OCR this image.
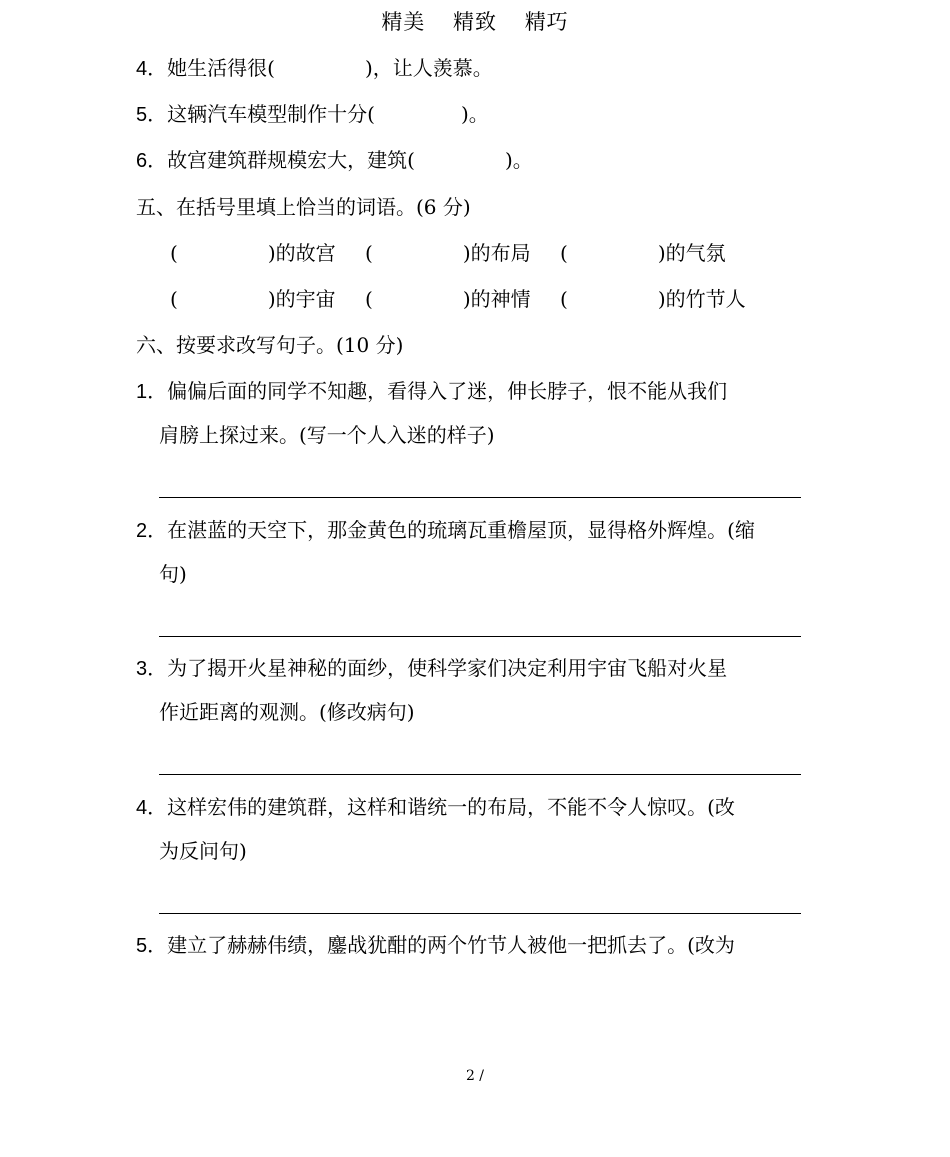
精美 精致 精巧
4．她生活得很(	)，让人羡慕。
5．这辆汽车模型制作十分(	)。
6．故宫建筑群规模宏大，建筑(	)。
五、在括号里填上恰当的词语。(6 分)
(	)的故宫 (	)的布局 (	)的气氛
(	)的宇宙 (	)的神情 (	)的竹节人
六、按要求改写句子。(10 分)
1．偏偏后面的同学不知趣，看得入了迷，伸长脖子，恨不能从我们
肩膀上探过来。(写一个人入迷的样子)
2．在湛蓝的天空下，那金黄色的琉璃瓦重檐屋顶，显得格外辉煌。(缩
句)
3．为了揭开火星神秘的面纱，使科学家们决定利用宇宙飞船对火星
作近距离的观测。(修改病句)
4．这样宏伟的建筑群，这样和谐统一的布局，不能不令人惊叹。(改
为反问句)
5．建立了赫赫伟绩，鏖战犹酣的两个竹节人被他一把抓去了。(改为
2 /
